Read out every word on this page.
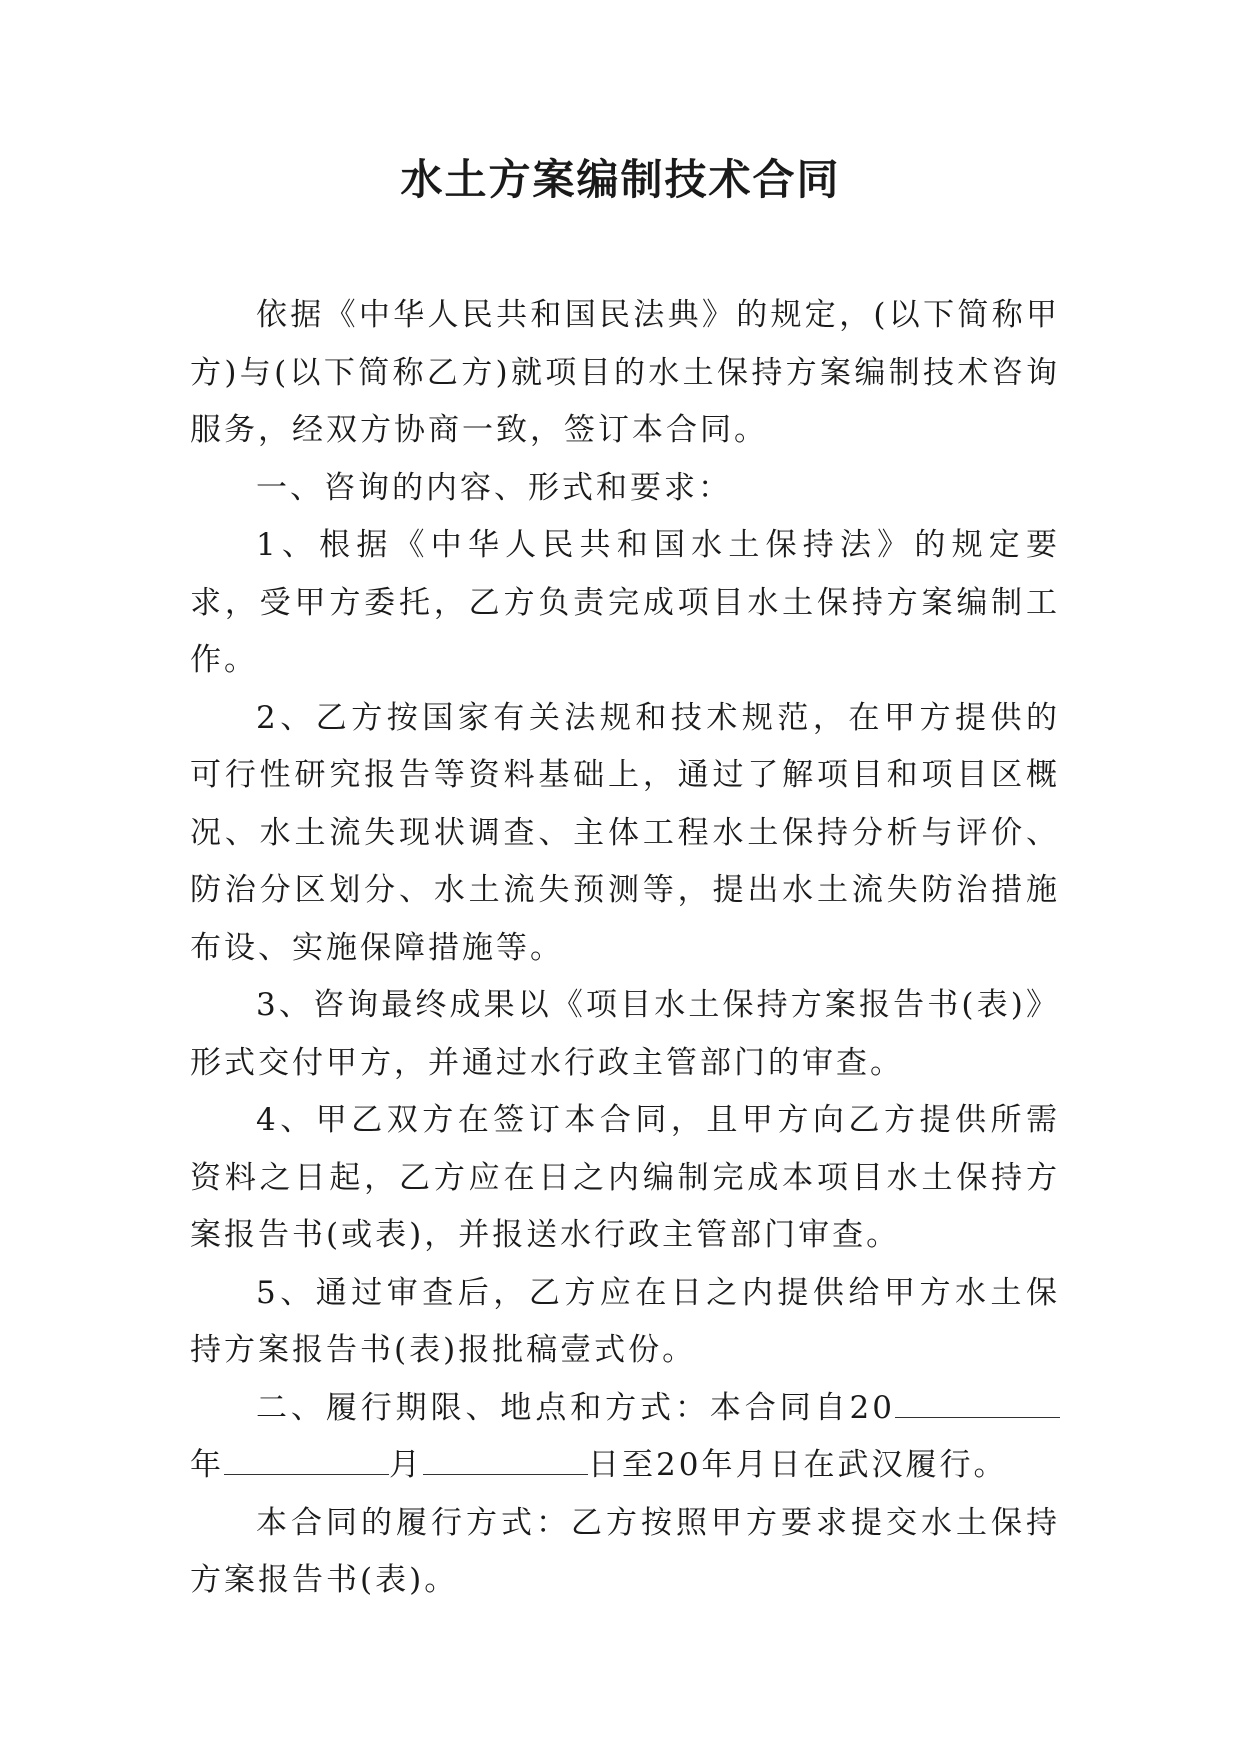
水土方案编制技术合同

依据《中华人民共和国民法典》的规定，(以下简称甲方)与(以下简称乙方)就项目的水土保持方案编制技术咨询服务，经双方协商一致，签订本合同。

一、咨询的内容、形式和要求：

1、根据《中华人民共和国水土保持法》的规定要求，受甲方委托，乙方负责完成项目水土保持方案编制工作。

2、乙方按国家有关法规和技术规范，在甲方提供的可行性研究报告等资料基础上，通过了解项目和项目区概况、水土流失现状调查、主体工程水土保持分析与评价、防治分区划分、水土流失预测等，提出水土流失防治措施布设、实施保障措施等。

3、咨询最终成果以《项目水土保持方案报告书(表)》形式交付甲方，并通过水行政主管部门的审查。

4、甲乙双方在签订本合同，且甲方向乙方提供所需资料之日起，乙方应在日之内编制完成本项目水土保持方案报告书(或表)，并报送水行政主管部门审查。

5、通过审查后，乙方应在日之内提供给甲方水土保持方案报告书(表)报批稿壹式份。

二、履行期限、地点和方式：本合同自20年	月	日至20年月日在武汉履行。

本合同的履行方式：乙方按照甲方要求提交水土保持方案报告书(表)。
